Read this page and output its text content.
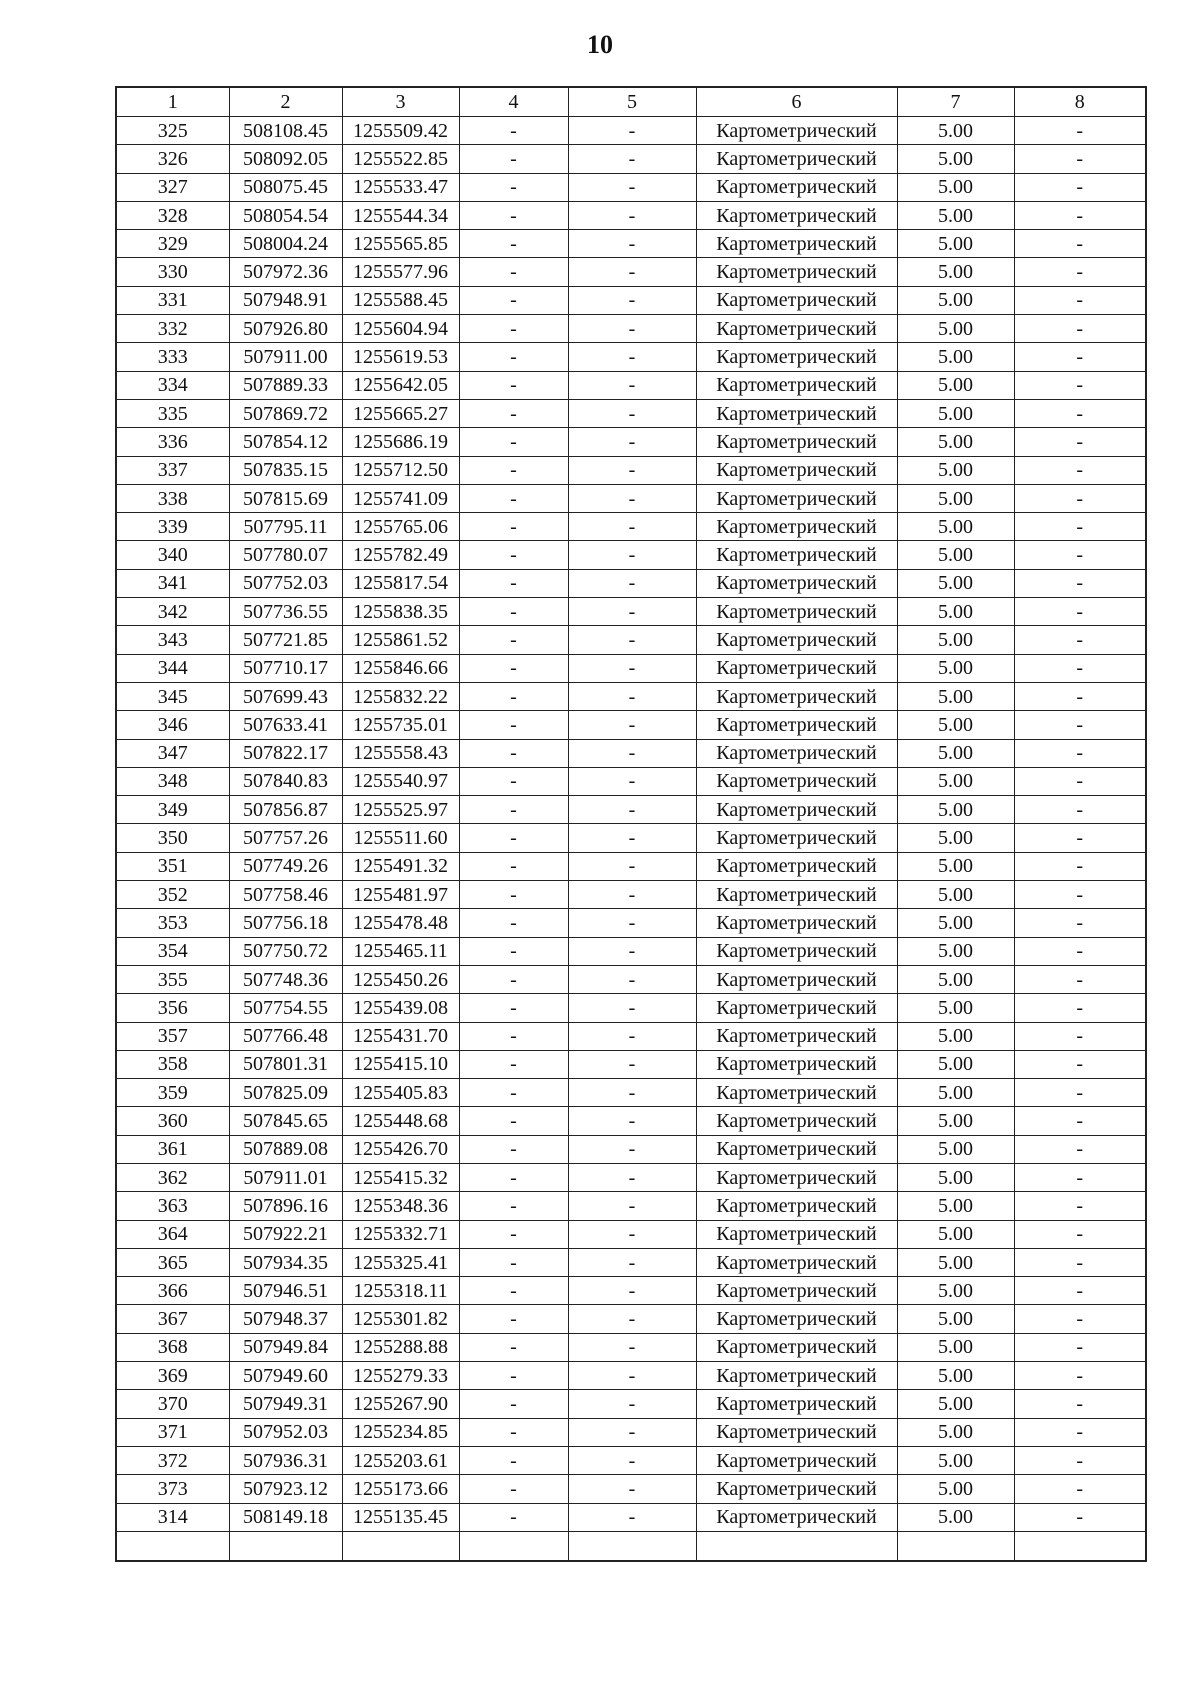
10
1	2	3	4	5	6	7	8
325	508108.45	1255509.42	-	-	Картометрический	5.00	-
326	508092.05	1255522.85	-	-	Картометрический	5.00	-
327	508075.45	1255533.47	-	-	Картометрический	5.00	-
328	508054.54	1255544.34	-	-	Картометрический	5.00	-
329	508004.24	1255565.85	-	-	Картометрический	5.00	-
330	507972.36	1255577.96	-	-	Картометрический	5.00	-
331	507948.91	1255588.45	-	-	Картометрический	5.00	-
332	507926.80	1255604.94	-	-	Картометрический	5.00	-
333	507911.00	1255619.53	-	-	Картометрический	5.00	-
334	507889.33	1255642.05	-	-	Картометрический	5.00	-
335	507869.72	1255665.27	-	-	Картометрический	5.00	-
336	507854.12	1255686.19	-	-	Картометрический	5.00	-
337	507835.15	1255712.50	-	-	Картометрический	5.00	-
338	507815.69	1255741.09	-	-	Картометрический	5.00	-
339	507795.11	1255765.06	-	-	Картометрический	5.00	-
340	507780.07	1255782.49	-	-	Картометрический	5.00	-
341	507752.03	1255817.54	-	-	Картометрический	5.00	-
342	507736.55	1255838.35	-	-	Картометрический	5.00	-
343	507721.85	1255861.52	-	-	Картометрический	5.00	-
344	507710.17	1255846.66	-	-	Картометрический	5.00	-
345	507699.43	1255832.22	-	-	Картометрический	5.00	-
346	507633.41	1255735.01	-	-	Картометрический	5.00	-
347	507822.17	1255558.43	-	-	Картометрический	5.00	-
348	507840.83	1255540.97	-	-	Картометрический	5.00	-
349	507856.87	1255525.97	-	-	Картометрический	5.00	-
350	507757.26	1255511.60	-	-	Картометрический	5.00	-
351	507749.26	1255491.32	-	-	Картометрический	5.00	-
352	507758.46	1255481.97	-	-	Картометрический	5.00	-
353	507756.18	1255478.48	-	-	Картометрический	5.00	-
354	507750.72	1255465.11	-	-	Картометрический	5.00	-
355	507748.36	1255450.26	-	-	Картометрический	5.00	-
356	507754.55	1255439.08	-	-	Картометрический	5.00	-
357	507766.48	1255431.70	-	-	Картометрический	5.00	-
358	507801.31	1255415.10	-	-	Картометрический	5.00	-
359	507825.09	1255405.83	-	-	Картометрический	5.00	-
360	507845.65	1255448.68	-	-	Картометрический	5.00	-
361	507889.08	1255426.70	-	-	Картометрический	5.00	-
362	507911.01	1255415.32	-	-	Картометрический	5.00	-
363	507896.16	1255348.36	-	-	Картометрический	5.00	-
364	507922.21	1255332.71	-	-	Картометрический	5.00	-
365	507934.35	1255325.41	-	-	Картометрический	5.00	-
366	507946.51	1255318.11	-	-	Картометрический	5.00	-
367	507948.37	1255301.82	-	-	Картометрический	5.00	-
368	507949.84	1255288.88	-	-	Картометрический	5.00	-
369	507949.60	1255279.33	-	-	Картометрический	5.00	-
370	507949.31	1255267.90	-	-	Картометрический	5.00	-
371	507952.03	1255234.85	-	-	Картометрический	5.00	-
372	507936.31	1255203.61	-	-	Картометрический	5.00	-
373	507923.12	1255173.66	-	-	Картометрический	5.00	-
314	508149.18	1255135.45	-	-	Картометрический	5.00	-
